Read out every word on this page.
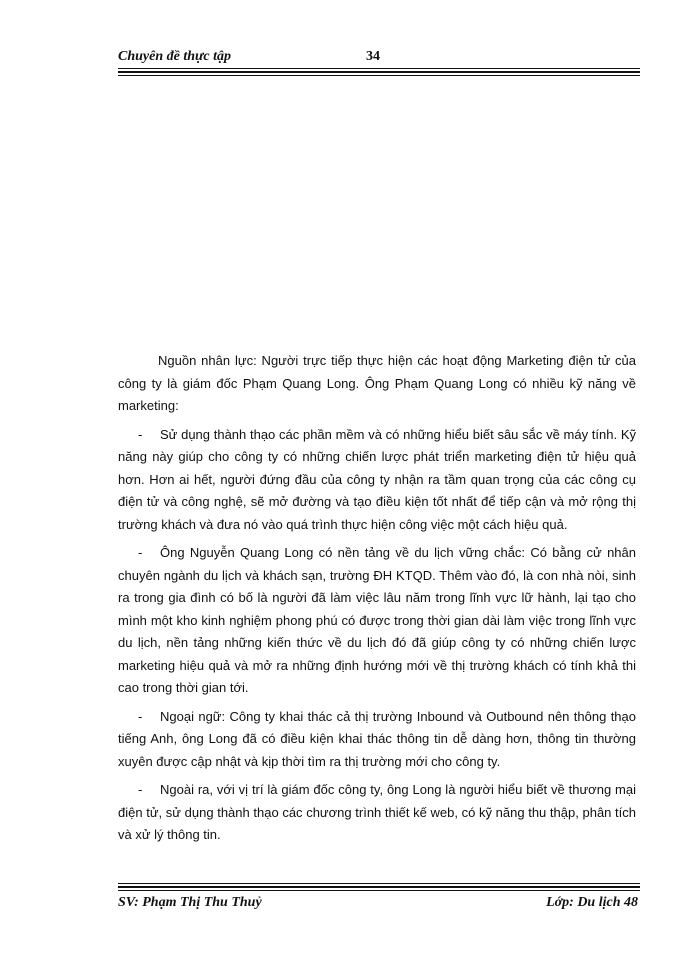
Chuyên đề thực tập	34

Nguồn nhân lực: Người trực tiếp thực hiện các hoạt động Marketing điện tử của công ty là giám đốc Phạm Quang Long. Ông Phạm Quang Long có nhiều kỹ năng về marketing:

- Sử dụng thành thạo các phần mềm và có những hiểu biết sâu sắc về máy tính. Kỹ năng này giúp cho công ty có những chiến lược phát triển marketing điện tử hiệu quả hơn. Hơn ai hết, người đứng đầu của công ty nhận ra tầm quan trọng của các công cụ điện tử và công nghệ, sẽ mở đường và tạo điều kiện tốt nhất để tiếp cận và mở rộng thị trường khách và đưa nó vào quá trình thực hiện công việc một cách hiệu quả.

- Ông Nguyễn Quang Long có nền tảng về du lịch vững chắc: Có bằng cử nhân chuyên ngành du lịch và khách sạn, trường ĐH KTQD. Thêm vào đó, là con nhà nòi, sinh ra trong gia đình có bố là người đã làm việc lâu năm trong lĩnh vực lữ hành, lại tạo cho mình một kho kinh nghiệm phong phú có được trong thời gian dài làm việc trong lĩnh vực du lịch, nền tảng những kiến thức về du lịch đó đã giúp công ty có những chiến lược marketing hiệu quả và mở ra những định hướng mới về thị trường khách có tính khả thi cao trong thời gian tới.

- Ngoại ngữ: Công ty khai thác cả thị trường Inbound và Outbound nên thông thạo tiếng Anh, ông Long đã có điều kiện khai thác thông tin dễ dàng hơn, thông tin thường xuyên được cập nhật và kịp thời tìm ra thị trường mới cho công ty.

- Ngoài ra, với vị trí là giám đốc công ty, ông Long là người hiểu biết về thương mại điện tử, sử dụng thành thạo các chương trình thiết kế web, có kỹ năng thu thập, phân tích và xử lý thông tin.

SV: Phạm Thị Thu Thuỷ	Lớp: Du lịch 48
